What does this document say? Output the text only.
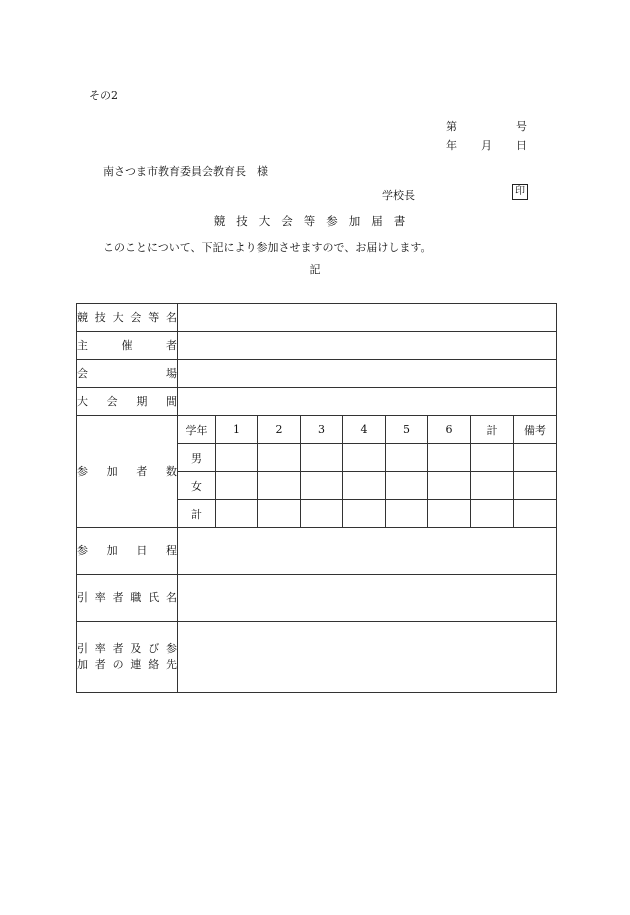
その2
第	号
年 月 日
南さつま市教育委員会教育長　様
学校長	印
競技大会等参加届書
このことについて、下記により参加させますので、お届けします。
記
競技大会等名									

主　催　者									

会　場									

大会期間									

参加者数	学年	1	2	3	4	5	6	計	備考
	男								
	女								
	計								

参加日程									

引率者職氏名									

引率者及び参
加者の連絡先									
